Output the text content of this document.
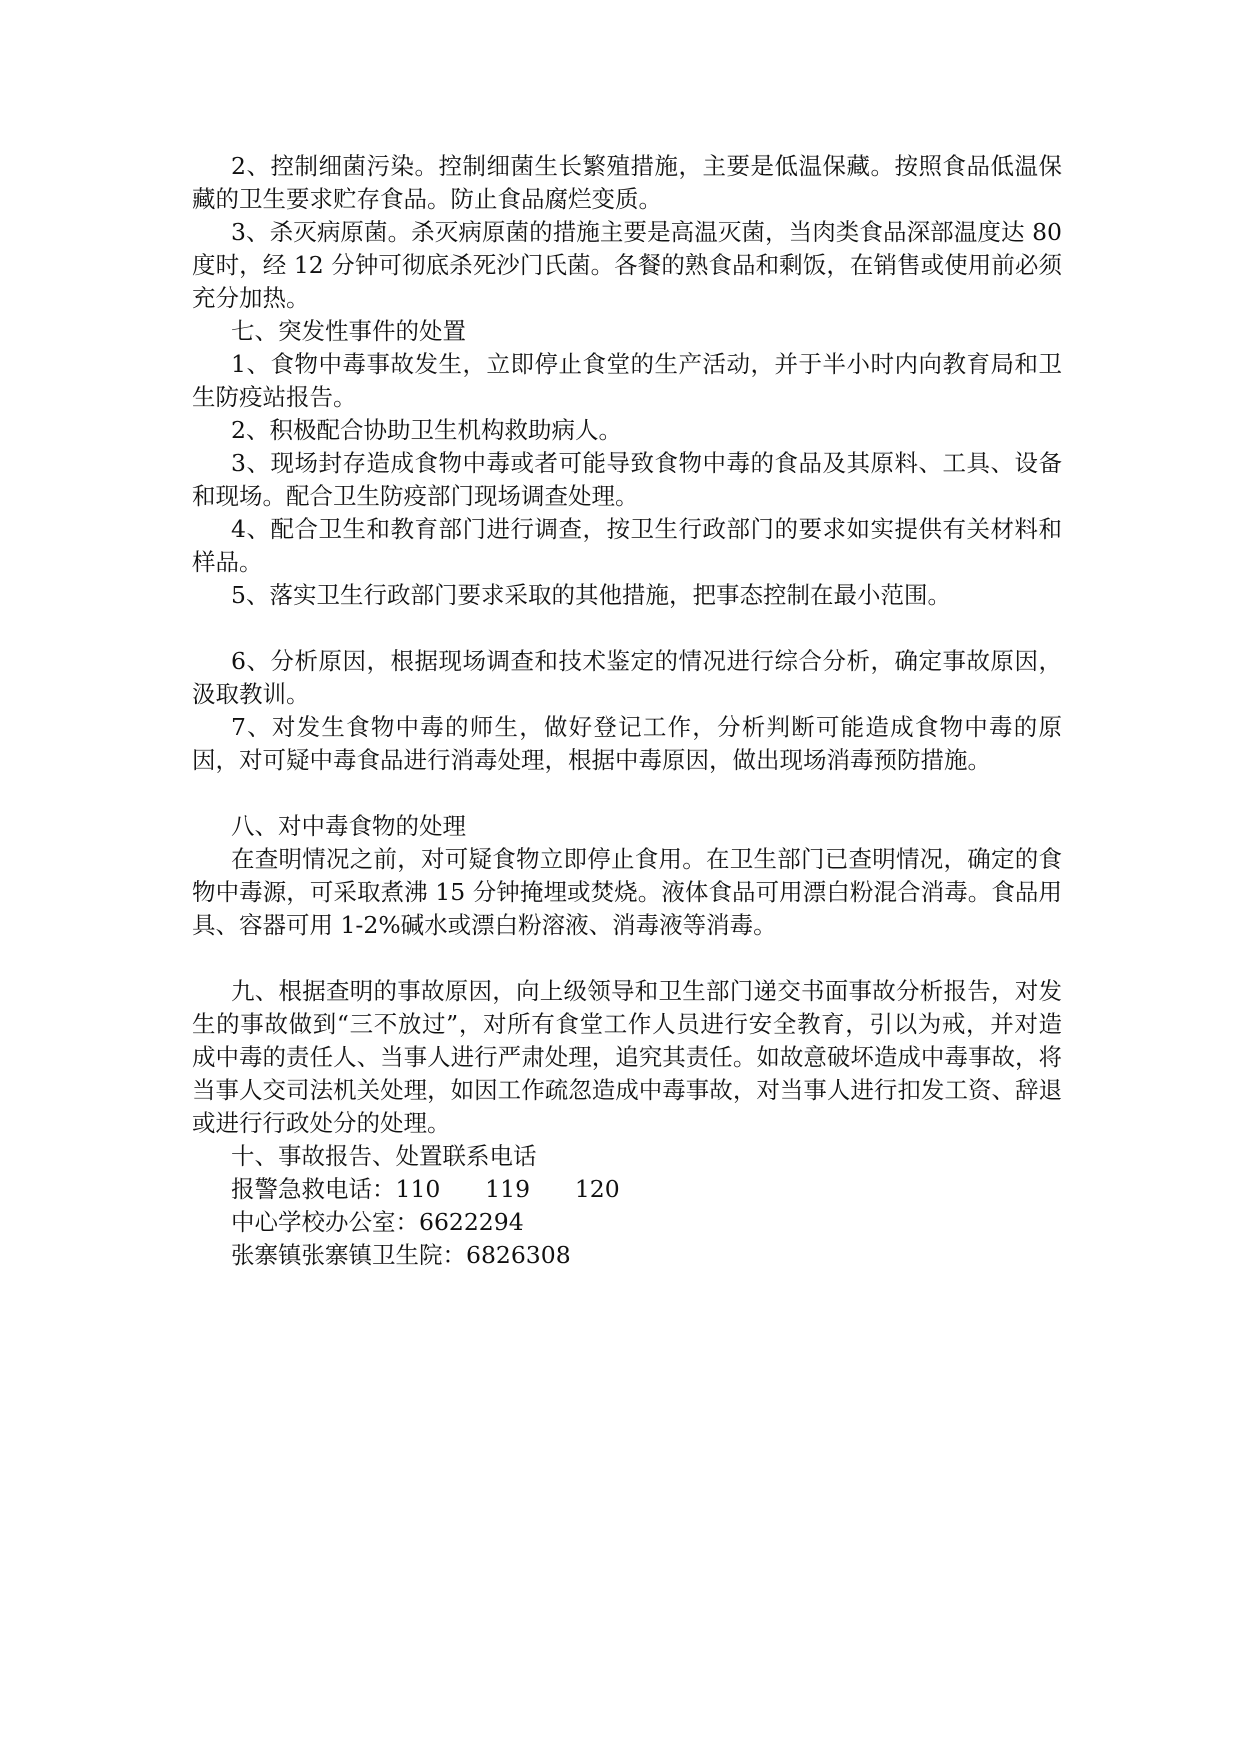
2、控制细菌污染。控制细菌生长繁殖措施，主要是低温保藏。按照食品低温保藏的卫生要求贮存食品。防止食品腐烂变质。

3、杀灭病原菌。杀灭病原菌的措施主要是高温灭菌，当肉类食品深部温度达 80 度时，经 12 分钟可彻底杀死沙门氏菌。各餐的熟食品和剩饭，在销售或使用前必须充分加热。

七、突发性事件的处置

1、食物中毒事故发生，立即停止食堂的生产活动，并于半小时内向教育局和卫生防疫站报告。

2、积极配合协助卫生机构救助病人。

3、现场封存造成食物中毒或者可能导致食物中毒的食品及其原料、工具、设备和现场。配合卫生防疫部门现场调查处理。

4、配合卫生和教育部门进行调查，按卫生行政部门的要求如实提供有关材料和样品。

5、落实卫生行政部门要求采取的其他措施，把事态控制在最小范围。

6、分析原因，根据现场调查和技术鉴定的情况进行综合分析，确定事故原因，汲取教训。

7、对发生食物中毒的师生，做好登记工作，分析判断可能造成食物中毒的原因，对可疑中毒食品进行消毒处理，根据中毒原因，做出现场消毒预防措施。

八、对中毒食物的处理

在查明情况之前，对可疑食物立即停止食用。在卫生部门已查明情况，确定的食物中毒源，可采取煮沸 15 分钟掩埋或焚烧。液体食品可用漂白粉混合消毒。食品用具、容器可用 1-2%碱水或漂白粉溶液、消毒液等消毒。

九、根据查明的事故原因，向上级领导和卫生部门递交书面事故分析报告，对发生的事故做到“三不放过”，对所有食堂工作人员进行安全教育，引以为戒，并对造成中毒的责任人、当事人进行严肃处理，追究其责任。如故意破坏造成中毒事故，将当事人交司法机关处理，如因工作疏忽造成中毒事故，对当事人进行扣发工资、辞退或进行行政处分的处理。

十、事故报告、处置联系电话

报警急救电话：110      119      120

中心学校办公室：6622294

张寨镇张寨镇卫生院：6826308
